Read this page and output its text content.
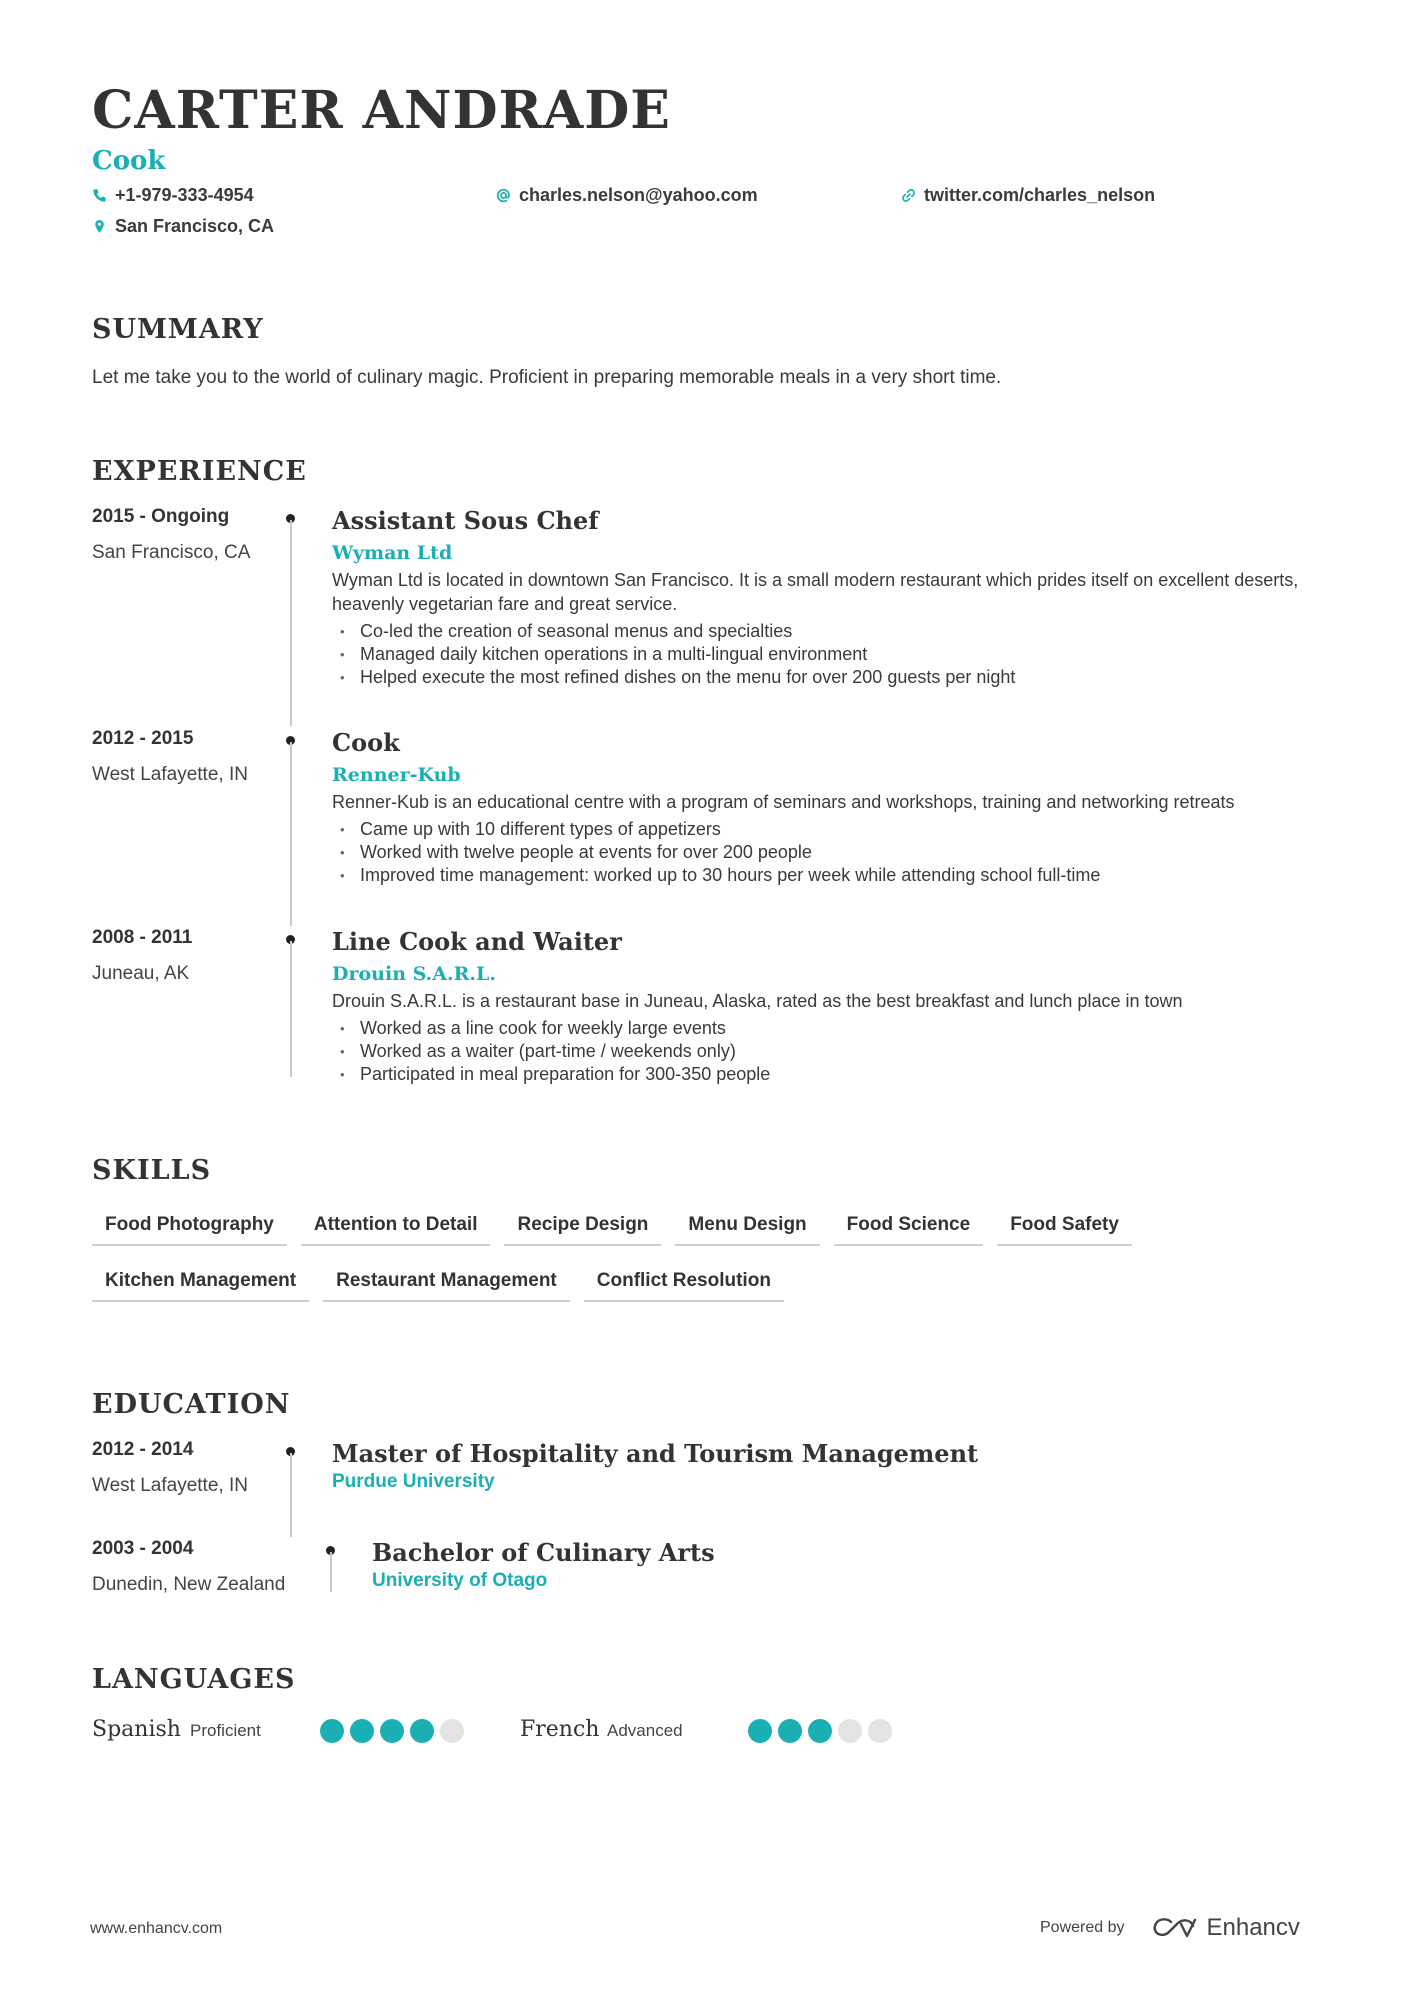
CARTER ANDRADE
Cook
+1-979-333-4954	charles.nelson@yahoo.com	twitter.com/charles_nelson
San Francisco, CA
SUMMARY
Let me take you to the world of culinary magic. Proficient in preparing memorable meals in a very short time.
EXPERIENCE
2015 - Ongoing
San Francisco, CA
Assistant Sous Chef
Wyman Ltd
Wyman Ltd is located in downtown San Francisco. It is a small modern restaurant which prides itself on excellent deserts, heavenly vegetarian fare and great service.
• Co-led the creation of seasonal menus and specialties
• Managed daily kitchen operations in a multi-lingual environment
• Helped execute the most refined dishes on the menu for over 200 guests per night
2012 - 2015
West Lafayette, IN
Cook
Renner-Kub
Renner-Kub is an educational centre with a program of seminars and workshops, training and networking retreats
• Came up with 10 different types of appetizers
• Worked with twelve people at events for over 200 people
• Improved time management: worked up to 30 hours per week while attending school full-time
2008 - 2011
Juneau, AK
Line Cook and Waiter
Drouin S.A.R.L.
Drouin S.A.R.L. is a restaurant base in Juneau, Alaska, rated as the best breakfast and lunch place in town
• Worked as a line cook for weekly large events
• Worked as a waiter (part-time / weekends only)
• Participated in meal preparation for 300-350 people
SKILLS
Food Photography	Attention to Detail	Recipe Design	Menu Design	Food Science	Food Safety
Kitchen Management	Restaurant Management	Conflict Resolution
EDUCATION
2012 - 2014
West Lafayette, IN
Master of Hospitality and Tourism Management
Purdue University
2003 - 2004
Dunedin, New Zealand
Bachelor of Culinary Arts
University of Otago
LANGUAGES
Spanish Proficient	French Advanced
www.enhancv.com	Powered by	Enhancv
